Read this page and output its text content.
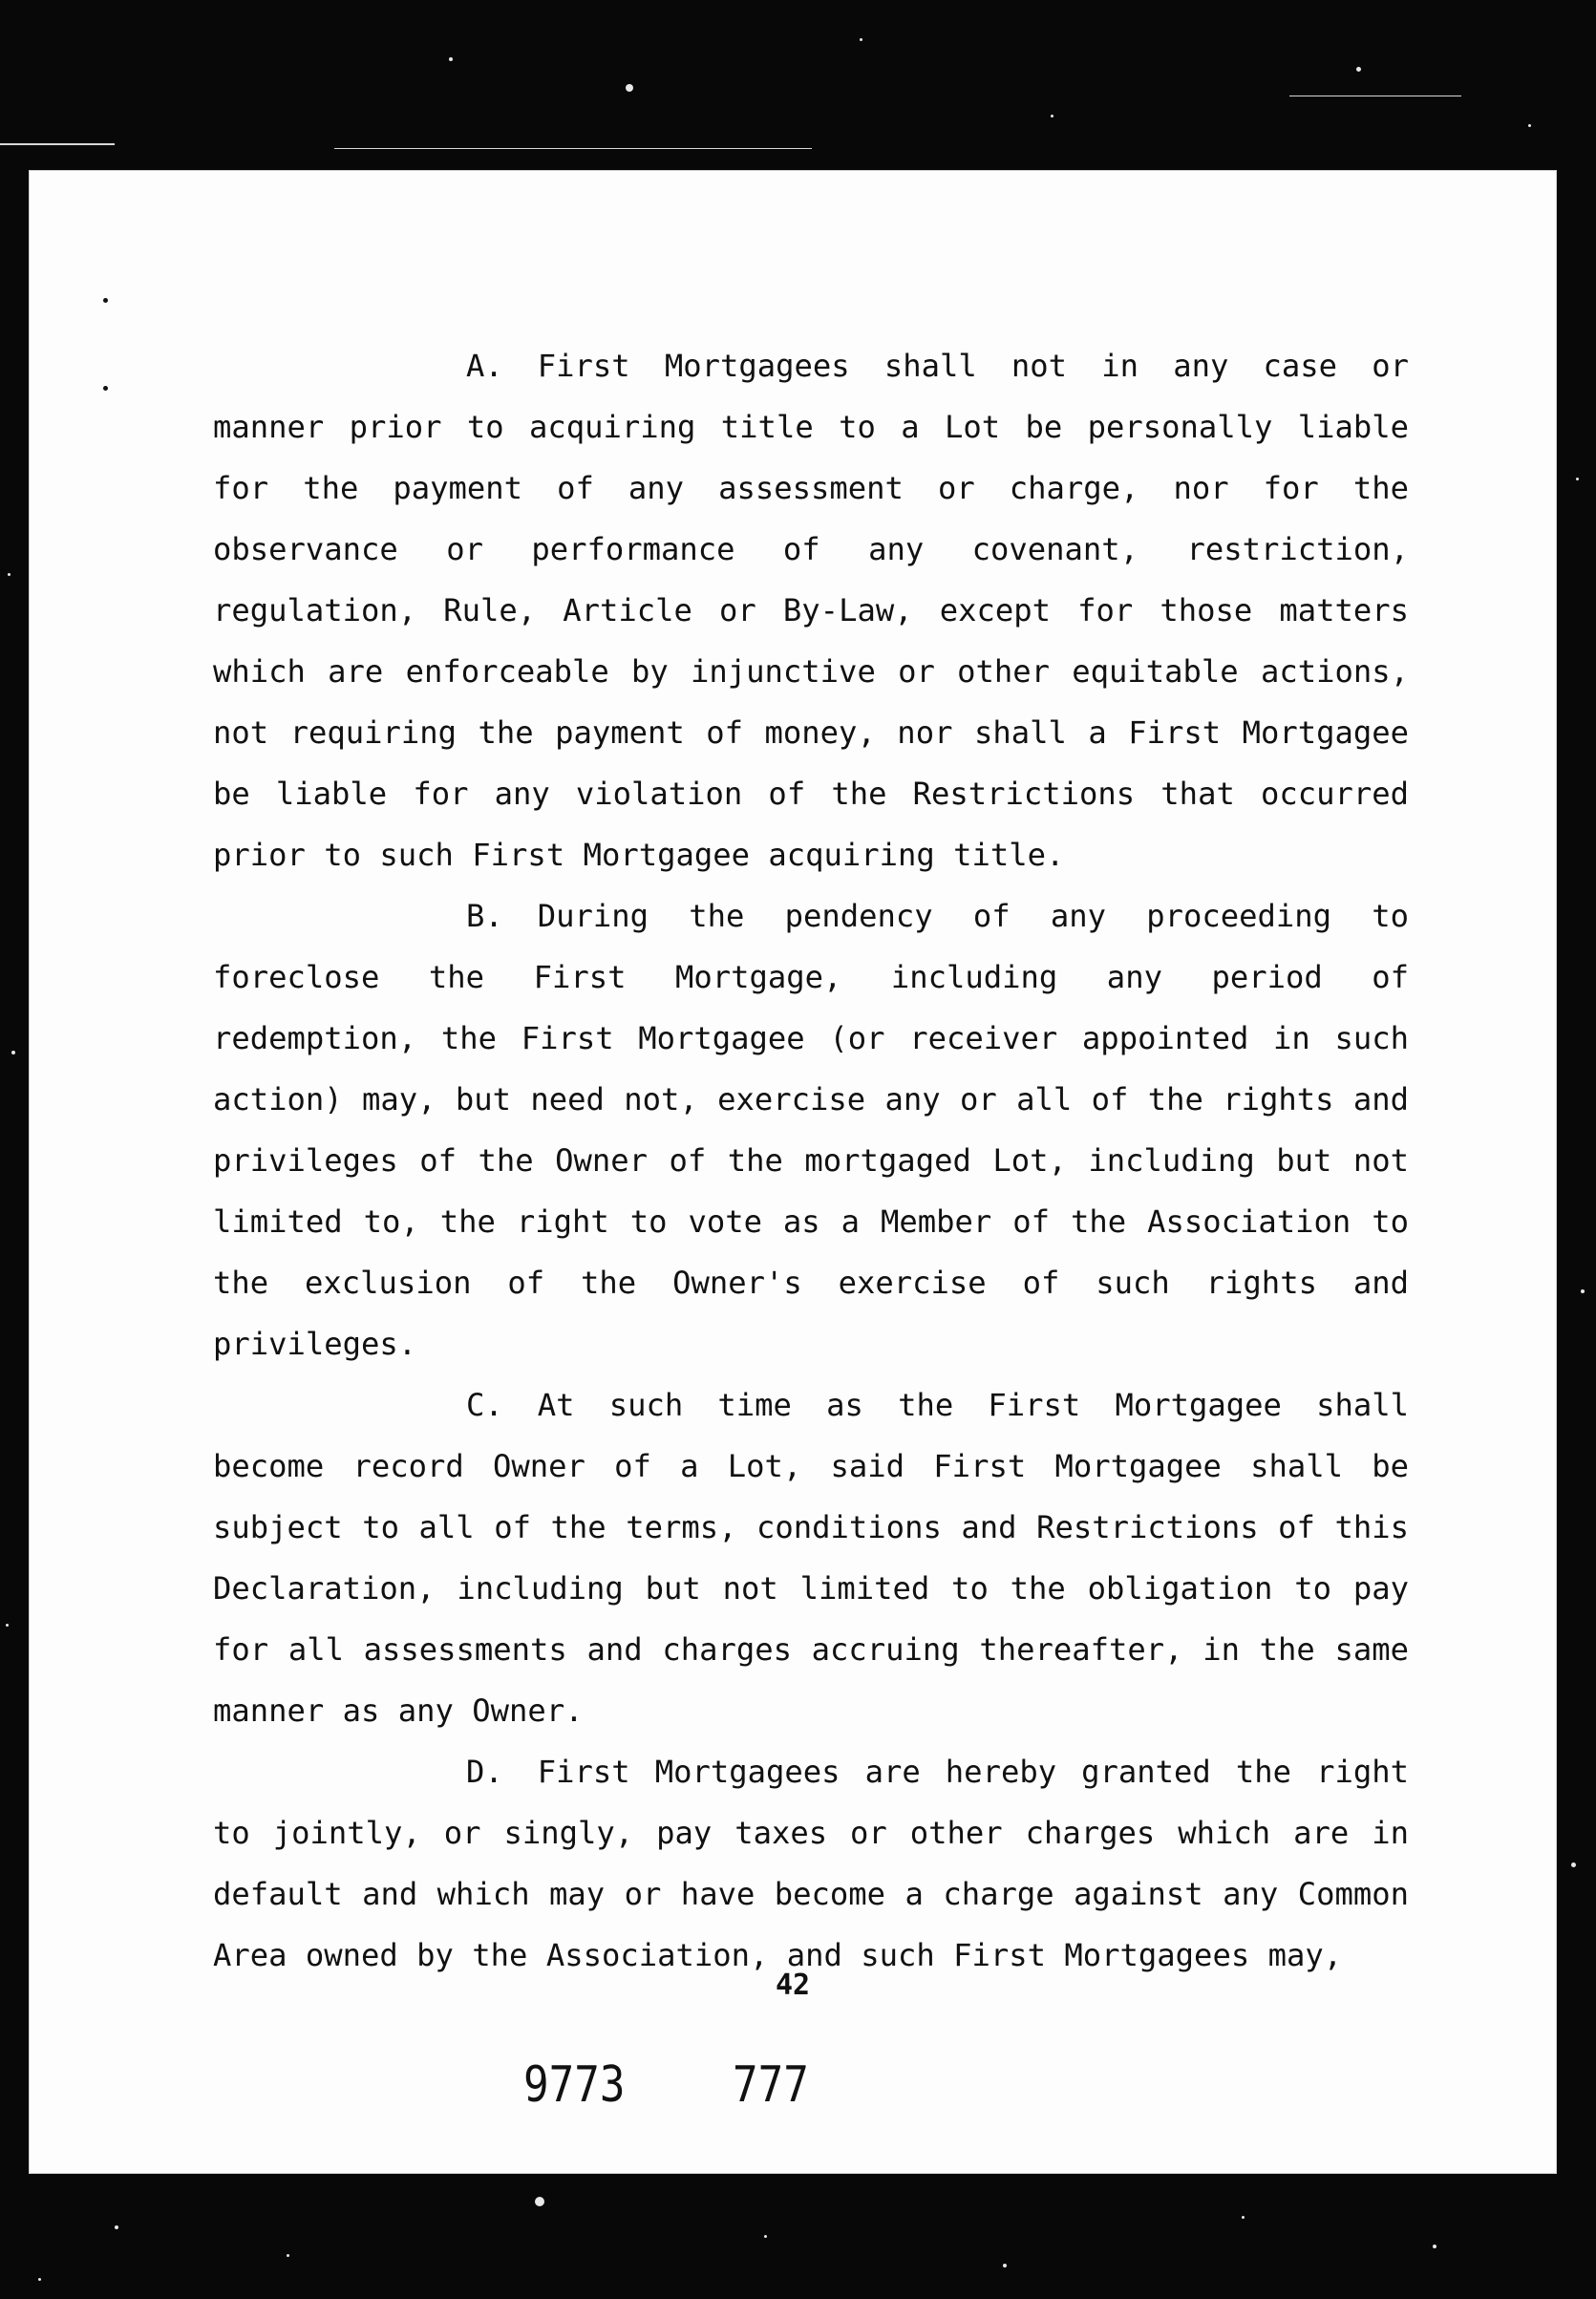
A. First Mortgagees shall not in any case or manner prior to acquiring title to a Lot be personally liable for the payment of any assessment or charge, nor for the observance or performance of any covenant, restriction, regulation, Rule, Article or By-Law, except for those matters which are enforceable by injunctive or other equitable actions, not requiring the payment of money, nor shall a First Mortgagee be liable for any violation of the Restrictions that occurred prior to such First Mortgagee acquiring title.

B. During the pendency of any proceeding to foreclose the First Mortgage, including any period of redemption, the First Mortgagee (or receiver appointed in such action) may, but need not, exercise any or all of the rights and privileges of the Owner of the mortgaged Lot, including but not limited to, the right to vote as a Member of the Association to the exclusion of the Owner's exercise of such rights and privileges.

C. At such time as the First Mortgagee shall become record Owner of a Lot, said First Mortgagee shall be subject to all of the terms, conditions and Restrictions of this Declaration, including but not limited to the obligation to pay for all assessments and charges accruing thereafter, in the same manner as any Owner.

D. First Mortgagees are hereby granted the right to jointly, or singly, pay taxes or other charges which are in default and which may or have become a charge against any Common Area owned by the Association, and such First Mortgagees may,

42
9773 777
